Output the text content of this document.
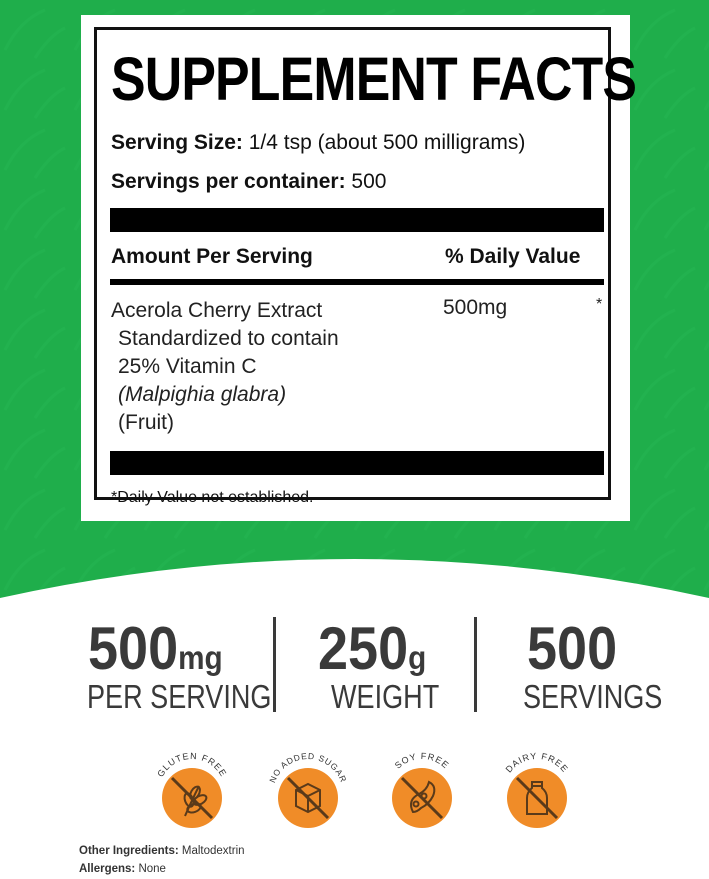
SUPPLEMENT FACTS
Serving Size: 1/4 tsp (about 500 milligrams)
Servings per container: 500
Amount Per Serving	% Daily Value
Acerola Cherry Extract
Standardized to contain
25% Vitamin C
(Malpighia glabra)
(Fruit)
500mg	*
*Daily Value not established.
500mg
PER SERVING
250g
WEIGHT
500
SERVINGS
GLUTEN FREE
NO ADDED SUGAR
SOY FREE	DAIRY FREE
Other Ingredients: Maltodextrin
Allergens: None
